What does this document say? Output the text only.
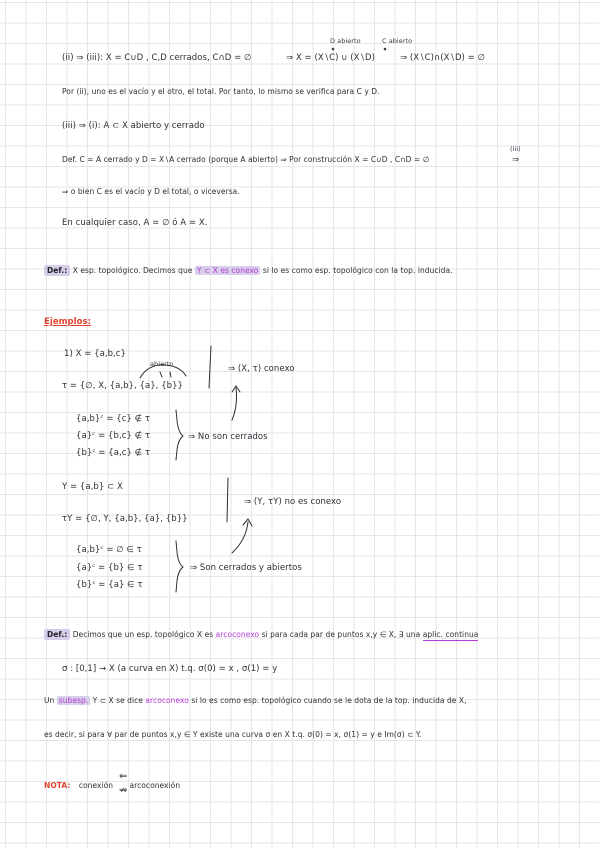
D abierto	C abierto
(ii) ⇒ (iii): X = C∪D , C,D cerrados, C∩D = ∅	⇒ X = (X∖C) ∪ (X∖D)	⇒ (X∖C)∩(X∖D) = ∅
Por (ii), uno es el vacío y el otro, el total. Por tanto, lo mismo se verifica para C y D.
(iii) ⇒ (i): A ⊂ X abierto y cerrado
Def. C = A cerrado y D = X∖A cerrado (porque A abierto) ⇒ Por construcción X = C∪D , C∩D = ∅
(iii)
⇒
⇒ o bien C es el vacío y D el total, o viceversa.
En cualquier caso, A = ∅ ó A = X.
Def.: X esp. topológico. Decimos que Y ⊂ X es conexo si lo es como esp. topológico con la top. inducida.
Ejemplos:
1) X = {a,b,c}
abierto
τ = {∅, X, {a,b}, {a}, {b}}
⇒ (X, τ) conexo
{a,b}ᶜ = {c} ∉ τ
{a}ᶜ = {b,c} ∉ τ
{b}ᶜ = {a,c} ∉ τ
⇒ No son cerrados
Y = {a,b} ⊂ X
τY = {∅, Y, {a,b}, {a}, {b}}
⇒ (Y, τY) no es conexo
{a,b}ᶜ = ∅ ∈ τ
{a}ᶜ = {b} ∈ τ
{b}ᶜ = {a} ∈ τ
⇒ Son cerrados y abiertos
Def.: Decimos que un esp. topológico X es arcoconexo si para cada par de puntos x,y ∈ X, ∃ una aplic. continua
σ : [0,1] → X (a curva en X) t.q. σ(0) = x , σ(1) = y
Un subesp. Y ⊂ X se dice arcoconexo si lo es como esp. topológico cuando se le dota de la top. inducida de X,
es decir, si para ∀ par de puntos x,y ∈ Y existe una curva σ en X t.q. σ(0) = x, σ(1) = y e Im(σ) ⊂ Y.
NOTA: conexión arcoconexión
⇐
⇏
